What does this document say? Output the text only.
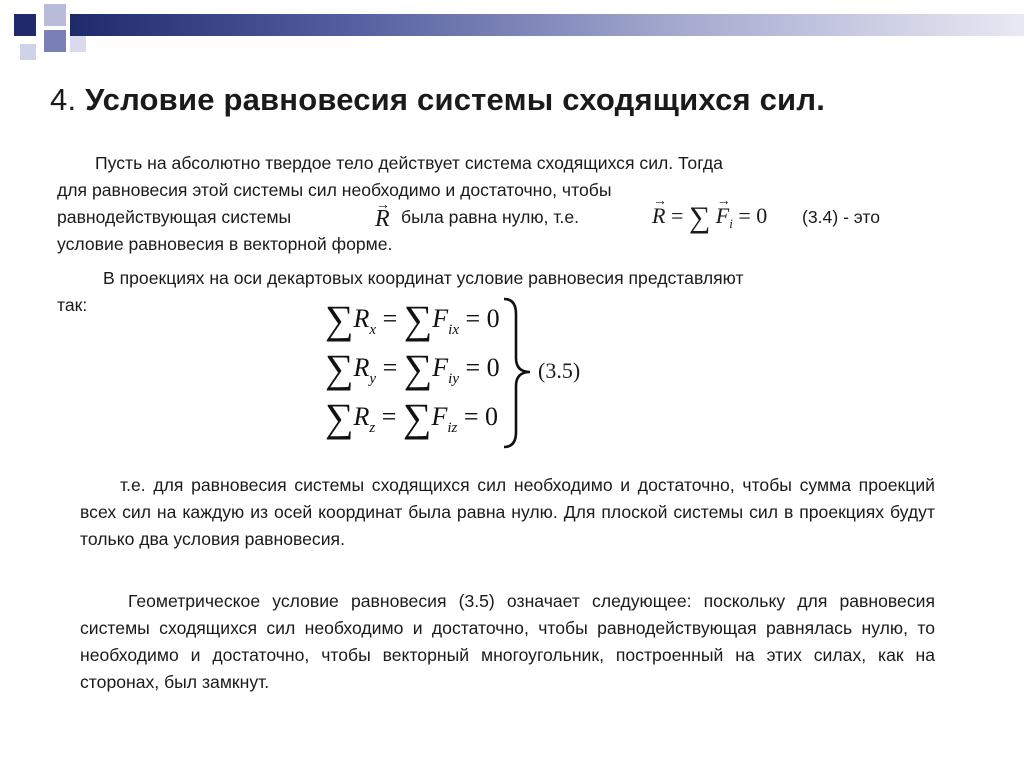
4. Условие равновесия системы сходящихся сил.
Пусть на абсолютно твердое тело действует система сходящихся сил. Тогда
для равновесия этой системы сил необходимо и достаточно, чтобы
равнодействующая системы	→ R была равна нулю, т.е.	→ R = ∑ → $F_i = 0$ (3.4) - это
условие равновесия в векторной форме.
В проекциях на оси декартовых координат условие равновесия представляют
так:	$\sum R_x = \sum F_{ix} = 0$
$\sum R_y = \sum F_{iy} = 0$
$\sum R_z = \sum F_{iz} = 0$
(3.5)

т.е. для равновесия системы сходящихся сил необходимо и достаточно, чтобы сумма проекций всех сил на каждую из осей координат была равна нулю. Для плоской системы сил в проекциях будут только два условия равновесия.

Геометрическое условие равновесия (3.5) означает следующее: поскольку для равновесия системы сходящихся сил необходимо и достаточно, чтобы равнодействующая равнялась нулю, то необходимо и достаточно, чтобы векторный многоугольник, построенный на этих силах, как на сторонах, был замкнут.
